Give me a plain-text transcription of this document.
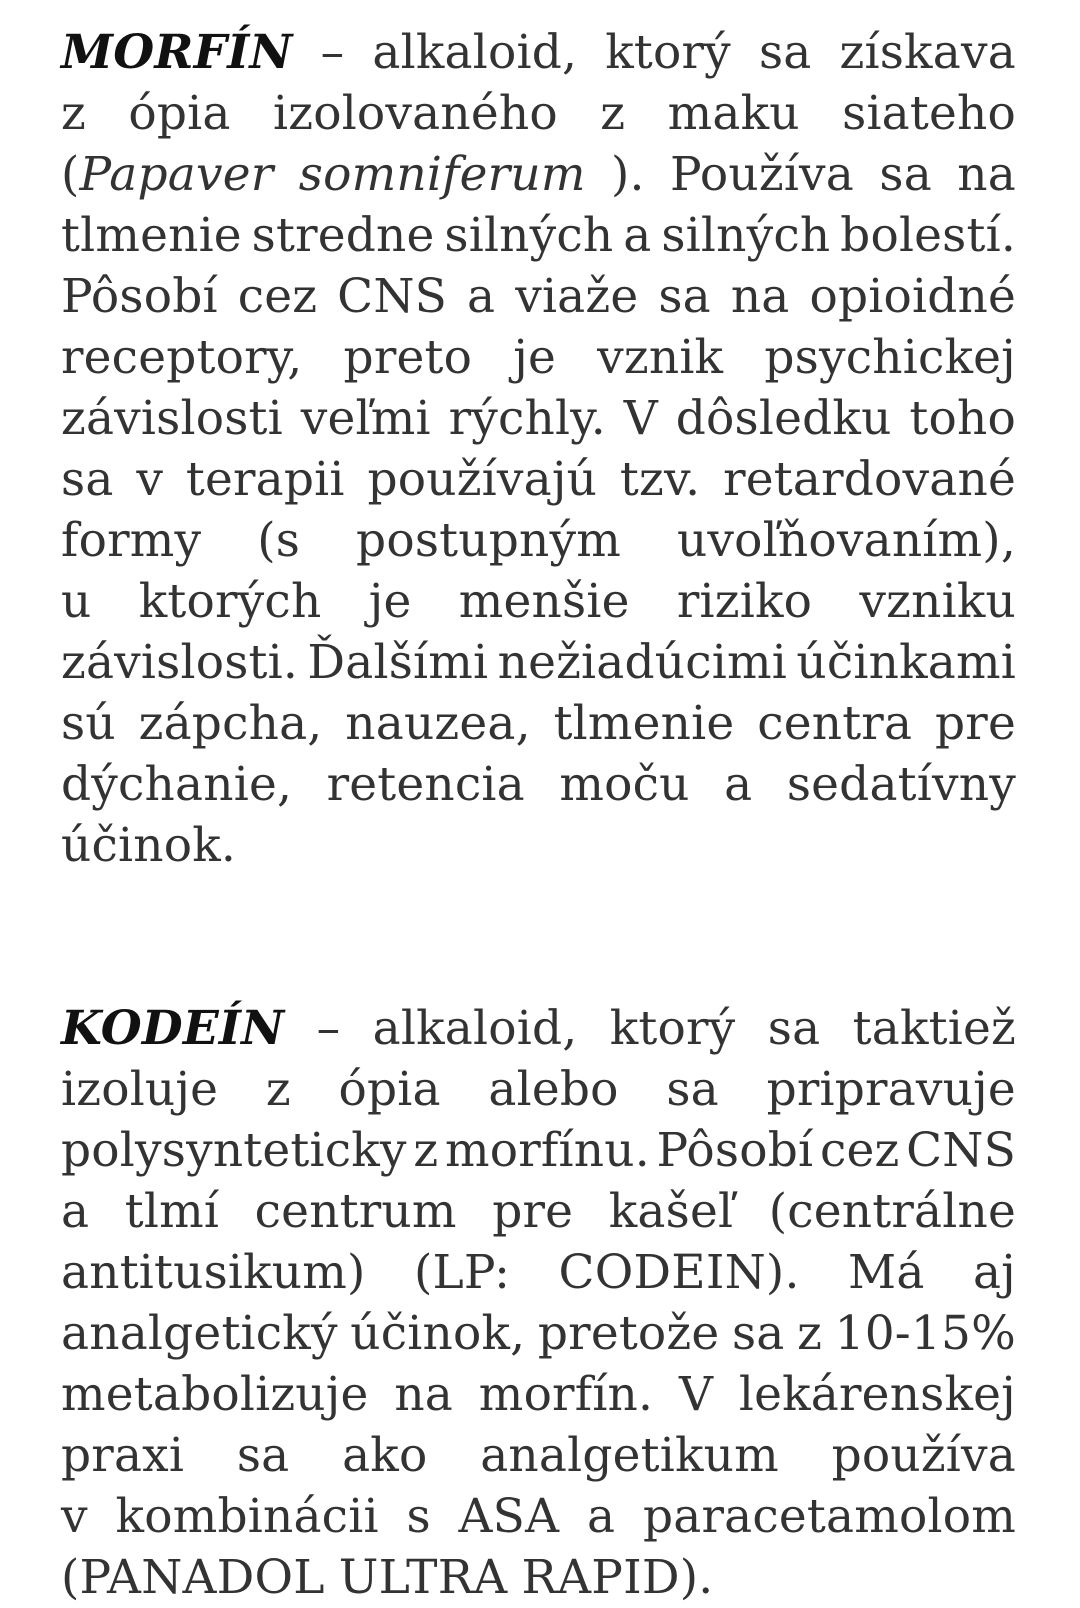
MORFÍN – alkaloid, ktorý sa získava
z ópia izolovaného z maku siateho
(Papaver somniferum ). Používa sa na
tlmenie stredne silných a silných bolestí.
Pôsobí cez CNS a viaže sa na opioidné
receptory, preto je vznik psychickej
závislosti veľmi rýchly. V dôsledku toho
sa v terapii používajú tzv. retardované
formy (s postupným uvoľňovaním),
u ktorých je menšie riziko vzniku
závislosti. Ďalšími nežiadúcimi účinkami
sú zápcha, nauzea, tlmenie centra pre
dýchanie, retencia moču a sedatívny
účinok.
KODEÍN – alkaloid, ktorý sa taktiež
izoluje z ópia alebo sa pripravuje
polysynteticky z morfínu. Pôsobí cez CNS
a tlmí centrum pre kašeľ (centrálne
antitusikum) (LP: CODEIN). Má aj
analgetický účinok, pretože sa z 10-15%
metabolizuje na morfín. V lekárenskej
praxi sa ako analgetikum používa
v kombinácii s ASA a paracetamolom
(PANADOL ULTRA RAPID).
